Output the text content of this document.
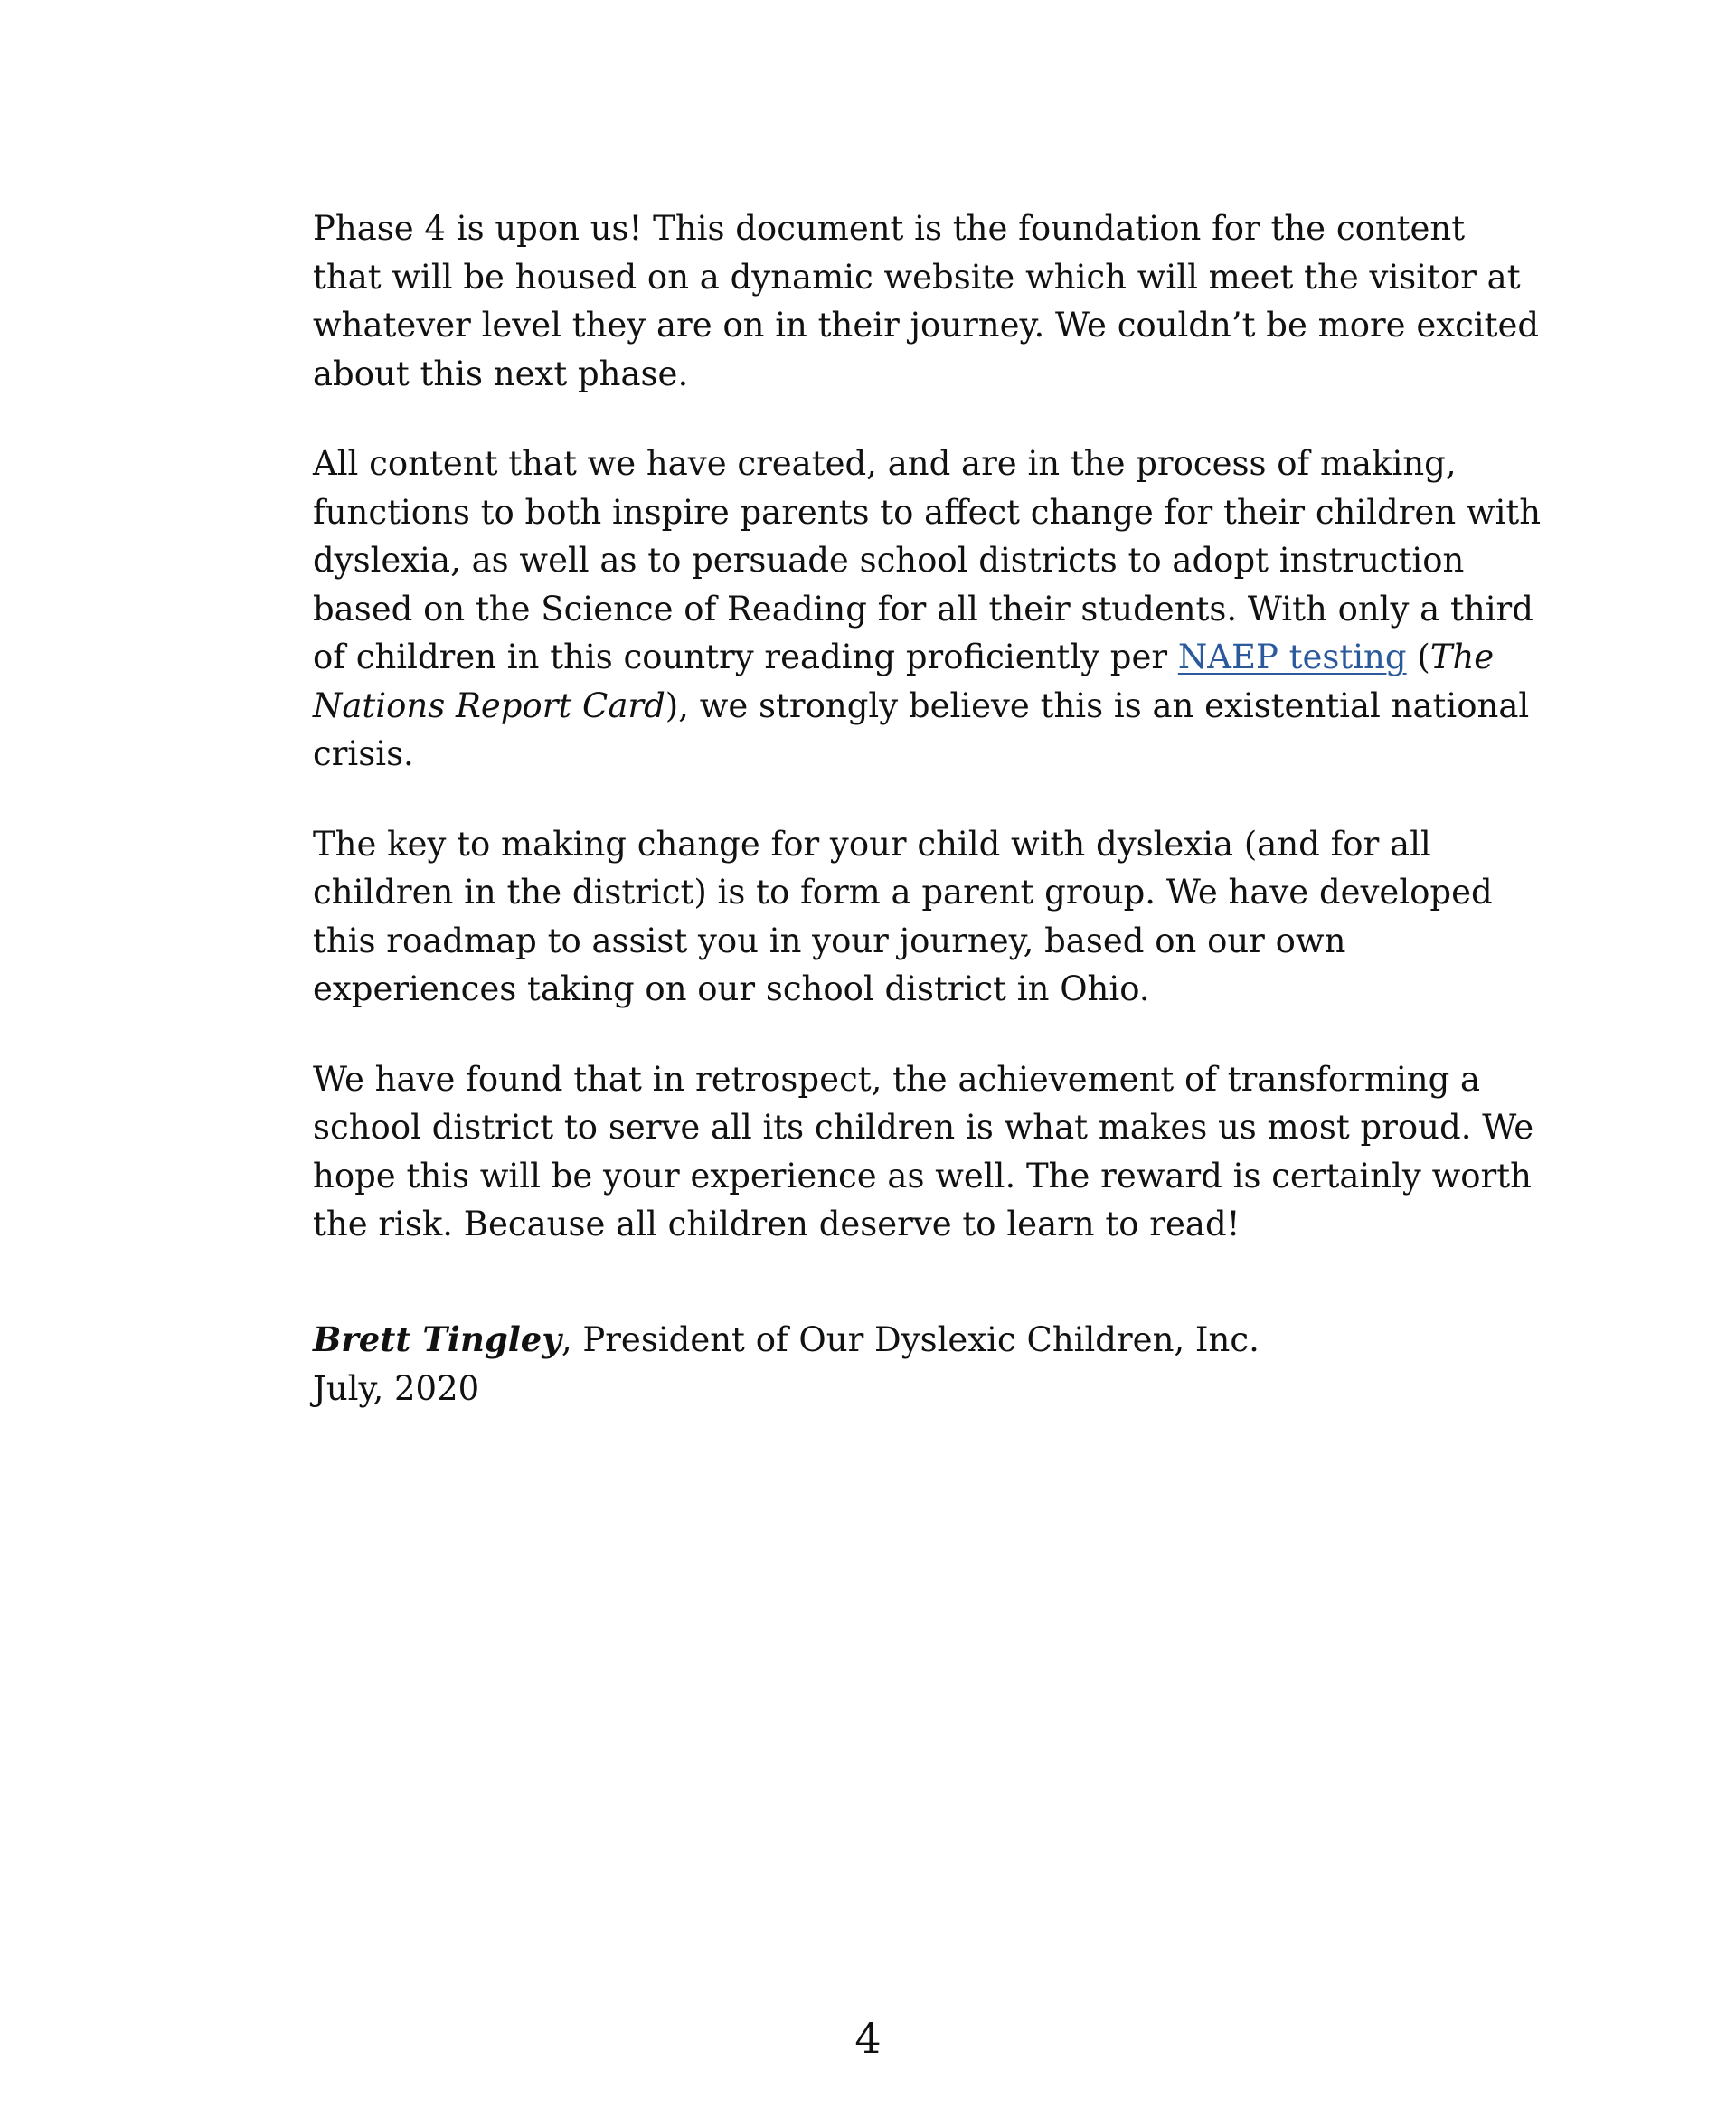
Phase 4 is upon us! This document is the foundation for the content
that will be housed on a dynamic website which will meet the visitor at
whatever level they are on in their journey. We couldn’t be more excited
about this next phase.

All content that we have created, and are in the process of making,
functions to both inspire parents to affect change for their children with
dyslexia, as well as to persuade school districts to adopt instruction
based on the Science of Reading for all their students. With only a third
of children in this country reading proficiently per NAEP testing (The
Nations Report Card), we strongly believe this is an existential national
crisis.

The key to making change for your child with dyslexia (and for all
children in the district) is to form a parent group. We have developed
this roadmap to assist you in your journey, based on our own
experiences taking on our school district in Ohio.

We have found that in retrospect, the achievement of transforming a
school district to serve all its children is what makes us most proud. We
hope this will be your experience as well. The reward is certainly worth
the risk. Because all children deserve to learn to read!

Brett Tingley, President of Our Dyslexic Children, Inc.
July, 2020
4
